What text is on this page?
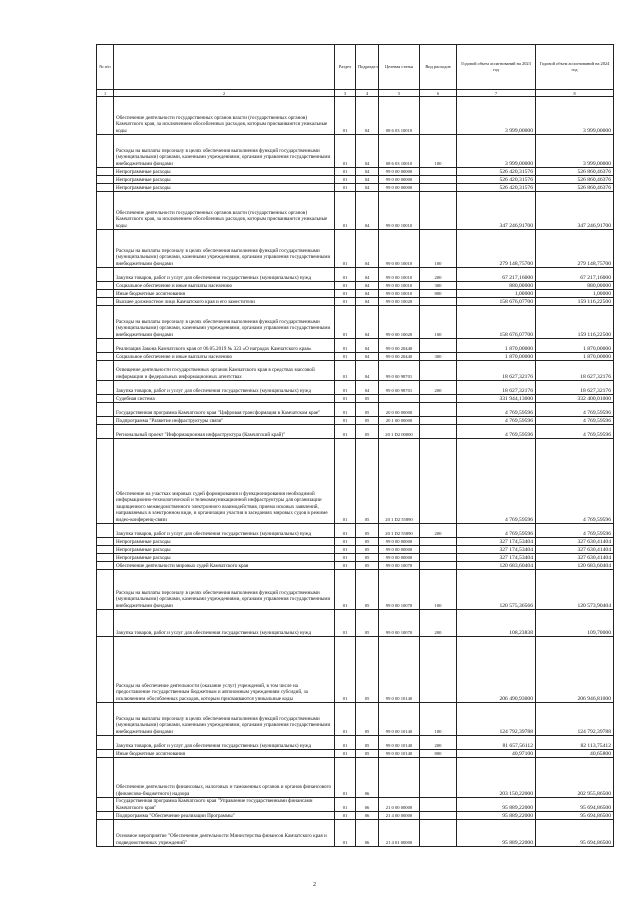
№ п/п		Раздел	Подраздел	Целевая статья	Вид расходов	Годовой объем ассигнований на 2023 год	Годовой объем ассигнований на 2024 год
1	2	3	4	5	6	7	8
	Обеспечение деятельности государственных органов власти (государственных органов) Камчатского края, за исключением обособленных расходов, которым присваиваются уникальные коды	01	04	08 6 03 10010		3 999,00000	3 999,00000
	Расходы на выплаты персоналу в целях обеспечения выполнения функций государственными (муниципальными) органами, казенными учреждениями, органами управления государственными внебюджетными фондами	01	04	08 6 03 10010	100	3 999,00000	3 999,00000
	Непрограммные расходы	01	04	99 0 00 00000		526 420,31576	526 860,46376
	Непрограммные расходы	01	04	99 0 00 00000		526 420,31576	526 860,46376
	Непрограммные расходы	01	04	99 0 00 00000		526 420,31576	526 860,46376
	Обеспечение деятельности государственных органов власти (государственных органов) Камчатского края, за исключением обособленных расходов, которым присваиваются уникальные коды	01	04	99 0 00 10010		347 246,91700	347 246,91700
	Расходы на выплаты персоналу в целях обеспечения выполнения функций государственными (муниципальными) органами, казенными учреждениями, органами управления государственными внебюджетными фондами	01	04	99 0 00 10010	100	279 148,75700	279 148,75700
	Закупка товаров, работ и услуг для обеспечения государственных (муниципальных) нужд	01	04	99 0 00 10010	200	67 217,16000	67 217,16000
	Социальное обеспечение и иные выплаты населению	01	04	99 0 00 10010	300	880,00000	880,00000
	Иные бюджетные ассигнования	01	04	99 0 00 10010	800	1,00000	1,00000
	Высшее должностное лицо Камчатского края и его заместители	01	04	99 0 00 10020		158 676,07700	159 116,22500
	Расходы на выплаты персоналу в целях обеспечения выполнения функций государственными (муниципальными) органами, казенными учреждениями, органами управления государственными внебюджетными фондами	01	04	99 0 00 10020	100	158 676,07700	159 116,22500
	Реализация Закона Камчатского края от 06.05.2019 № 323 «О наградах Камчатского края»	01	04	99 0 00 20440		1 870,00000	1 870,00000
	Социальное обеспечение и иные выплаты населению	01	04	99 0 00 20440	300	1 870,00000	1 870,00000
	Освещение деятельности государственных органов Камчатского края в средствах массовой информации и федеральных информационных агентствах	01	04	99 0 00 98701		18 627,32176	18 627,32176
	Закупка товаров, работ и услуг для обеспечения государственных (муниципальных) нужд	01	04	99 0 00 98701	200	18 627,32176	18 627,32176
	Судебная система	01	05			331 944,13000	332 400,01000
	Государственная программа Камчатского края "Цифровая трансформация в Камчатском крае"	01	05	20 0 00 00000		4 769,59596	4 769,59596
	Подпрограмма "Развитие инфраструктуры связи"	01	05	20 1 00 00000		4 769,59596	4 769,59596
	Региональный проект "Информационная инфраструктура (Камчатский край)"	01	05	20 1 D2 00000		4 769,59596	4 769,59596
	Обеспечение на участках мировых судей формирования и функционирования необходимой информационно-технологической и телекоммуникационной инфраструктуры для организации защищенного межведомственного электронного взаимодействия, приема исковых заявлений, направляемых в электронном виде, и организации участия в заседаниях мировых судов в режиме видео-конференц-связи	01	05	20 1 D2 55890		4 769,59596	4 769,59596
	Закупка товаров, работ и услуг для обеспечения государственных (муниципальных) нужд	01	05	20 1 D2 55890	200	4 769,59596	4 769,59596
	Непрограммные расходы	01	05	99 0 00 00000		327 174,53404	327 630,41404
	Непрограммные расходы	01	05	99 0 00 00000		327 174,53404	327 630,41404
	Непрограммные расходы	01	05	99 0 00 00000		327 174,53404	327 630,41404
	Обеспечение деятельности мировых судей Камчатского края	01	05	99 0 00 10070		120 683,60404	120 683,60404
	Расходы на выплаты персоналу в целях обеспечения выполнения функций государственными (муниципальными) органами, казенными учреждениями, органами управления государственными внебюджетными фондами	01	05	99 0 00 10070	100	120 575,36566	120 573,90404
	Закупка товаров, работ и услуг для обеспечения государственных (муниципальных) нужд	01	05	99 0 00 10070	200	108,23838	109,70000
	Расходы на обеспечение деятельности (оказание услуг) учреждений, в том числе на предоставление государственным бюджетным и автономным учреждениям субсидий, за исключением обособленных расходов, которым присваиваются уникальные коды	01	05	99 0 00 10140		206 490,93000	206 946,81000
	Расходы на выплаты персоналу в целях обеспечения выполнения функций государственными (муниципальными) органами, казенными учреждениями, органами управления государственными внебюджетными фондами	01	05	99 0 00 10140	100	124 792,39788	124 792,39788
	Закупка товаров, работ и услуг для обеспечения государственных (муниципальных) нужд	01	05	99 0 00 10140	200	81 657,56112	82 113,75412
	Иные бюджетные ассигнования	01	05	99 0 00 10140	800	40,97100	40,65800
	Обеспечение деятельности финансовых, налоговых и таможенных органов и органов финансового (финансово-бюджетного) надзора	01	06			203 150,22000	202 955,86500
	Государственная программа Камчатского края "Управление государственными финансами Камчатского края"	01	06	21 0 00 00000		95 889,22000	95 694,86500
	Подпрограмма "Обеспечение реализации Программы"	01	06	21 4 00 00000		95 889,22000	95 694,86500
	Основное мероприятие "Обеспечение деятельности Министерства финансов Камчатского края и подведомственных учреждений"	01	06	21 4 01 00000		95 889,22000	95 694,86500
2
